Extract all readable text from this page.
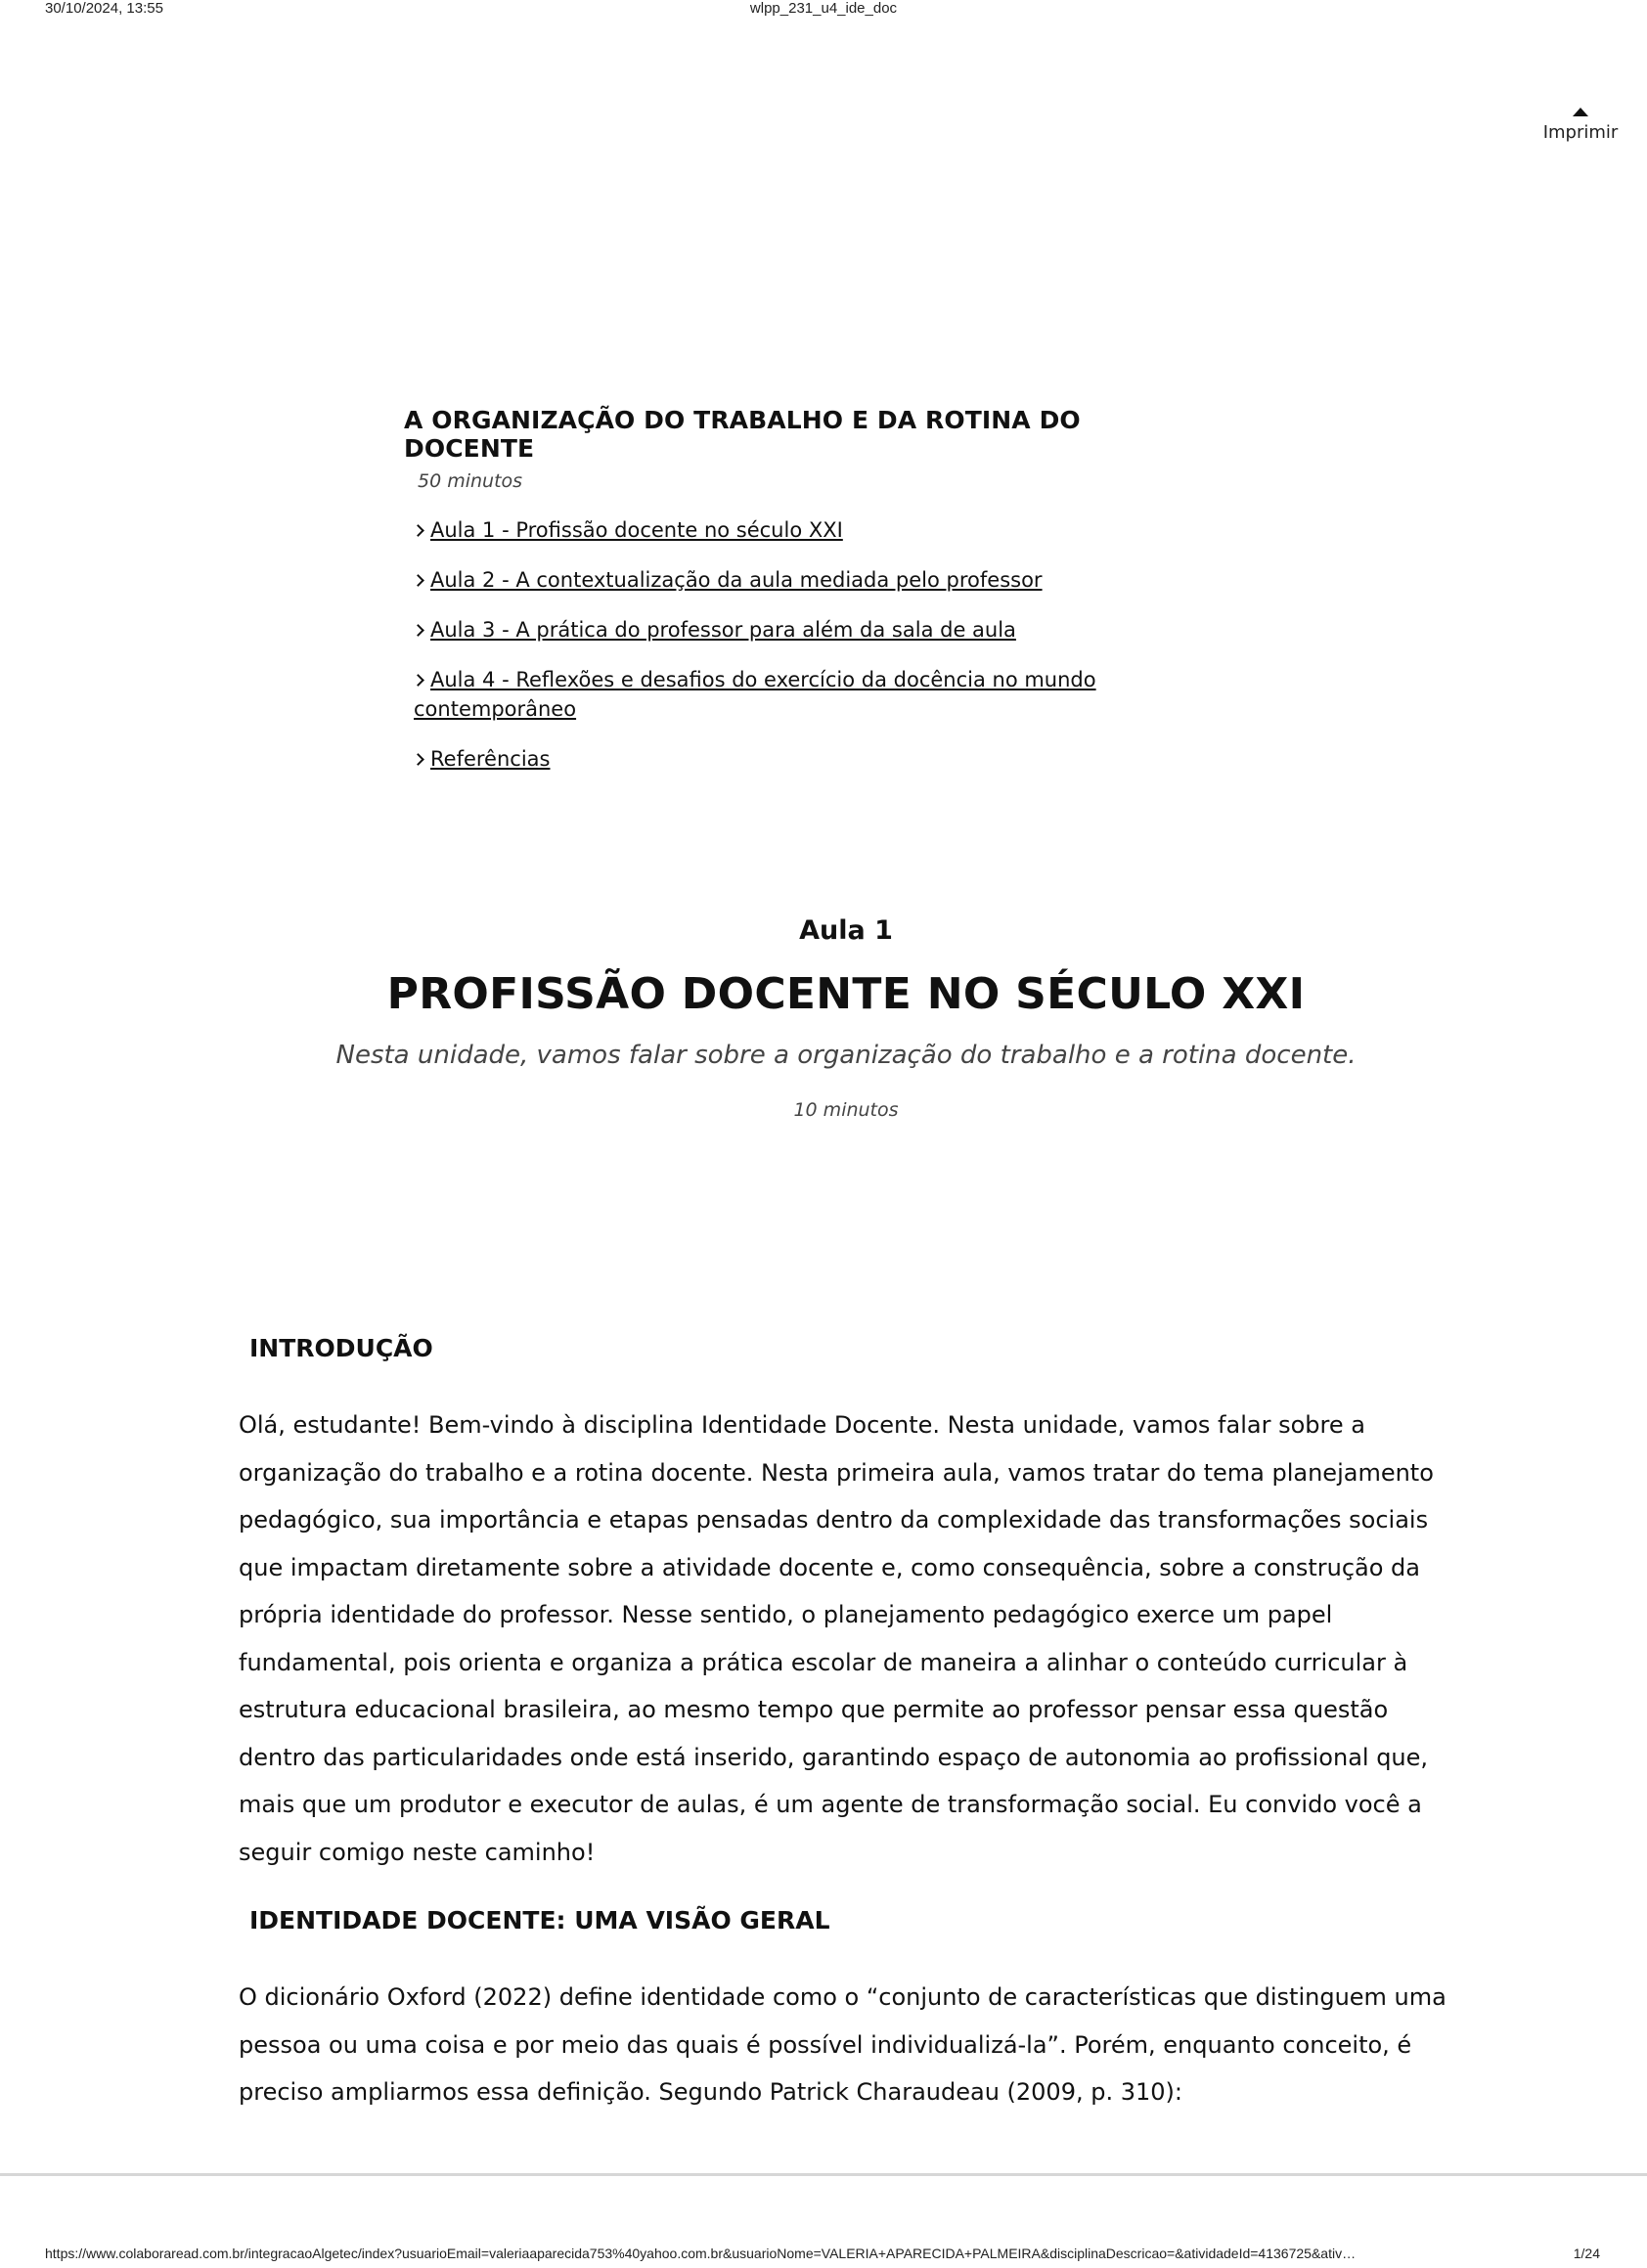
30/10/2024, 13:55	wlpp_231_u4_ide_doc
Imprimir
A ORGANIZAÇÃO DO TRABALHO E DA ROTINA DO DOCENTE
50 minutos
Aula 1 - Profissão docente no século XXI
Aula 2 - A contextualização da aula mediada pelo professor
Aula 3 - A prática do professor para além da sala de aula
Aula 4 - Reflexões e desafios do exercício da docência no mundo contemporâneo
Referências
Aula 1
PROFISSÃO DOCENTE NO SÉCULO XXI
Nesta unidade, vamos falar sobre a organização do trabalho e a rotina docente.
10 minutos
INTRODUÇÃO
Olá, estudante! Bem-vindo à disciplina Identidade Docente. Nesta unidade, vamos falar sobre a organização do trabalho e a rotina docente. Nesta primeira aula, vamos tratar do tema planejamento pedagógico, sua importância e etapas pensadas dentro da complexidade das transformações sociais que impactam diretamente sobre a atividade docente e, como consequência, sobre a construção da própria identidade do professor. Nesse sentido, o planejamento pedagógico exerce um papel fundamental, pois orienta e organiza a prática escolar de maneira a alinhar o conteúdo curricular à estrutura educacional brasileira, ao mesmo tempo que permite ao professor pensar essa questão dentro das particularidades onde está inserido, garantindo espaço de autonomia ao profissional que, mais que um produtor e executor de aulas, é um agente de transformação social. Eu convido você a seguir comigo neste caminho!
IDENTIDADE DOCENTE: UMA VISÃO GERAL
O dicionário Oxford (2022) define identidade como o “conjunto de características que distinguem uma pessoa ou uma coisa e por meio das quais é possível individualizá-la”. Porém, enquanto conceito, é preciso ampliarmos essa definição. Segundo Patrick Charaudeau (2009, p. 310):
https://www.colaboraread.com.br/integracaoAlgetec/index?usuarioEmail=valeriaaparecida753%40yahoo.com.br&usuarioNome=VALERIA+APARECIDA+PALMEIRA&disciplinaDescricao=&atividadeId=4136725&ativ…	1/24
